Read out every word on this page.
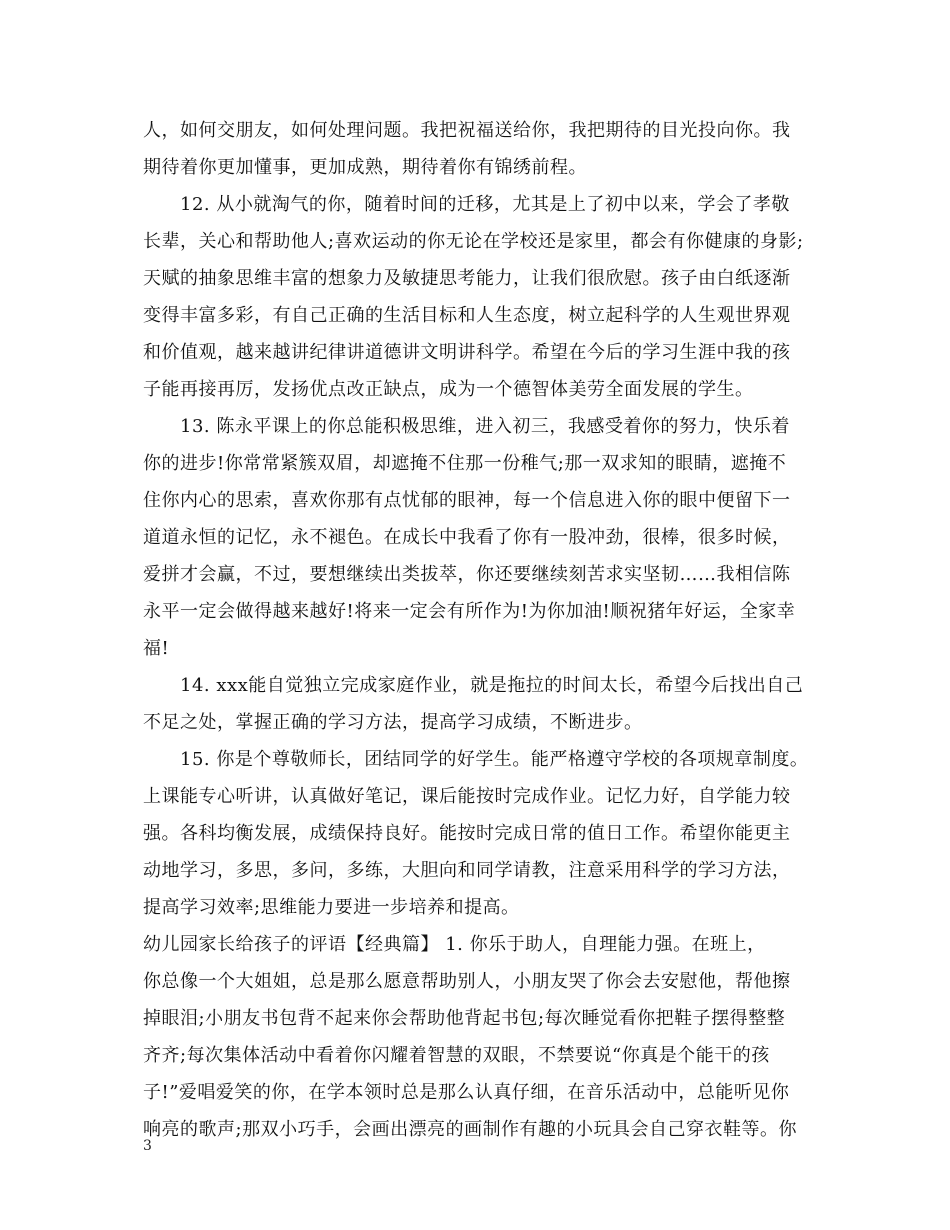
人，如何交朋友，如何处理问题。我把祝福送给你，我把期待的目光投向你。我
期待着你更加懂事，更加成熟，期待着你有锦绣前程。
12. 从小就淘气的你，随着时间的迁移，尤其是上了初中以来，学会了孝敬
长辈，关心和帮助他人;喜欢运动的你无论在学校还是家里，都会有你健康的身影;
天赋的抽象思维丰富的想象力及敏捷思考能力，让我们很欣慰。孩子由白纸逐渐
变得丰富多彩，有自己正确的生活目标和人生态度，树立起科学的人生观世界观
和价值观，越来越讲纪律讲道德讲文明讲科学。希望在今后的学习生涯中我的孩
子能再接再厉，发扬优点改正缺点，成为一个德智体美劳全面发展的学生。
13. 陈永平课上的你总能积极思维，进入初三，我感受着你的努力，快乐着
你的进步!你常常紧簇双眉，却遮掩不住那一份稚气;那一双求知的眼睛，遮掩不
住你内心的思索，喜欢你那有点忧郁的眼神，每一个信息进入你的眼中便留下一
道道永恒的记忆，永不褪色。在成长中我看了你有一股冲劲，很棒，很多时候，
爱拼才会赢，不过，要想继续出类拔萃，你还要继续刻苦求实坚韧……我相信陈
永平一定会做得越来越好!将来一定会有所作为!为你加油!顺祝猪年好运，全家幸
福!
14. xxx能自觉独立完成家庭作业，就是拖拉的时间太长，希望今后找出自己
不足之处，掌握正确的学习方法，提高学习成绩，不断进步。
15. 你是个尊敬师长，团结同学的好学生。能严格遵守学校的各项规章制度。
上课能专心听讲，认真做好笔记，课后能按时完成作业。记忆力好，自学能力较
强。各科均衡发展，成绩保持良好。能按时完成日常的值日工作。希望你能更主
动地学习，多思，多问，多练，大胆向和同学请教，注意采用科学的学习方法，
提高学习效率;思维能力要进一步培养和提高。
幼儿园家长给孩子的评语【经典篇】 1. 你乐于助人，自理能力强。在班上，
你总像一个大姐姐，总是那么愿意帮助别人，小朋友哭了你会去安慰他，帮他擦
掉眼泪;小朋友书包背不起来你会帮助他背起书包;每次睡觉看你把鞋子摆得整整
齐齐;每次集体活动中看着你闪耀着智慧的双眼，不禁要说“你真是个能干的孩
子!”爱唱爱笑的你，在学本领时总是那么认真仔细，在音乐活动中，总能听见你
响亮的歌声;那双小巧手，会画出漂亮的画制作有趣的小玩具会自己穿衣鞋等。你
3
